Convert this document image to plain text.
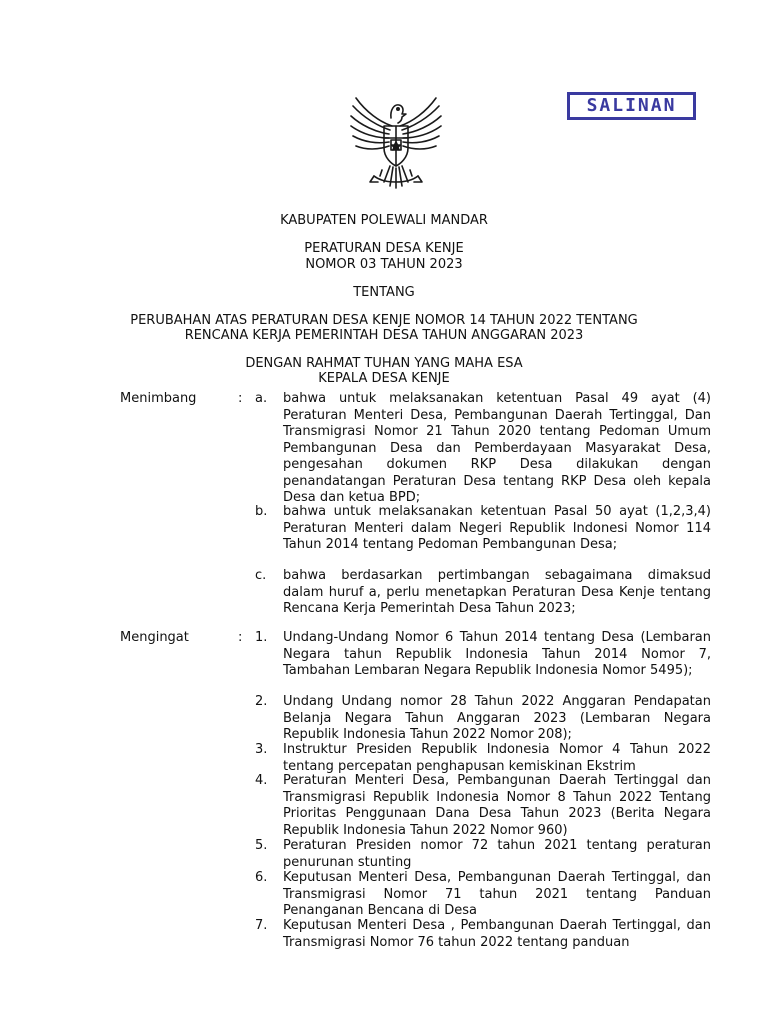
SALINAN
KABUPATEN POLEWALI MANDAR
PERATURAN DESA KENJE
NOMOR 03 TAHUN 2023
TENTANG
PERUBAHAN ATAS PERATURAN DESA KENJE NOMOR 14 TAHUN 2022 TENTANG
RENCANA KERJA PEMERINTAH DESA TAHUN ANGGARAN 2023
DENGAN RAHMAT TUHAN YANG MAHA ESA
KEPALA DESA KENJE
Menimbang	: a.	bahwa untuk melaksanakan ketentuan Pasal 49 ayat (4) Peraturan Menteri Desa, Pembangunan Daerah Tertinggal, Dan Transmigrasi Nomor 21 Tahun 2020 tentang Pedoman Umum Pembangunan Desa dan Pemberdayaan Masyarakat Desa, pengesahan dokumen RKP Desa dilakukan dengan penandatangan Peraturan Desa tentang RKP Desa oleh kepala Desa dan ketua BPD;
b.	bahwa untuk melaksanakan ketentuan Pasal 50 ayat (1,2,3,4) Peraturan Menteri dalam Negeri Republik Indonesi Nomor 114 Tahun 2014 tentang Pedoman Pembangunan Desa;
c.	bahwa berdasarkan pertimbangan sebagaimana dimaksud dalam huruf a, perlu menetapkan Peraturan Desa Kenje tentang Rencana Kerja Pemerintah Desa Tahun 2023;
Mengingat	: 1.	Undang-Undang Nomor 6 Tahun 2014 tentang Desa (Lembaran Negara tahun Republik Indonesia Tahun 2014 Nomor 7, Tambahan Lembaran Negara Republik Indonesia Nomor 5495);
2.	Undang Undang nomor 28 Tahun 2022 Anggaran Pendapatan Belanja Negara Tahun Anggaran 2023 (Lembaran Negara Republik Indonesia Tahun 2022 Nomor 208);
3.	Instruktur Presiden Republik Indonesia Nomor 4 Tahun 2022 tentang percepatan penghapusan kemiskinan Ekstrim
4.	Peraturan Menteri Desa, Pembangunan Daerah Tertinggal dan Transmigrasi Republik Indonesia Nomor 8 Tahun 2022 Tentang Prioritas Penggunaan Dana Desa Tahun 2023 (Berita Negara Republik Indonesia Tahun 2022 Nomor 960)
5.	Peraturan Presiden nomor 72 tahun 2021 tentang peraturan penurunan stunting
6.	Keputusan Menteri Desa, Pembangunan Daerah Tertinggal, dan Transmigrasi Nomor 71 tahun 2021 tentang Panduan Penanganan Bencana di Desa
7.	Keputusan Menteri Desa , Pembangunan Daerah Tertinggal, dan Transmigrasi Nomor 76 tahun 2022 tentang panduan
